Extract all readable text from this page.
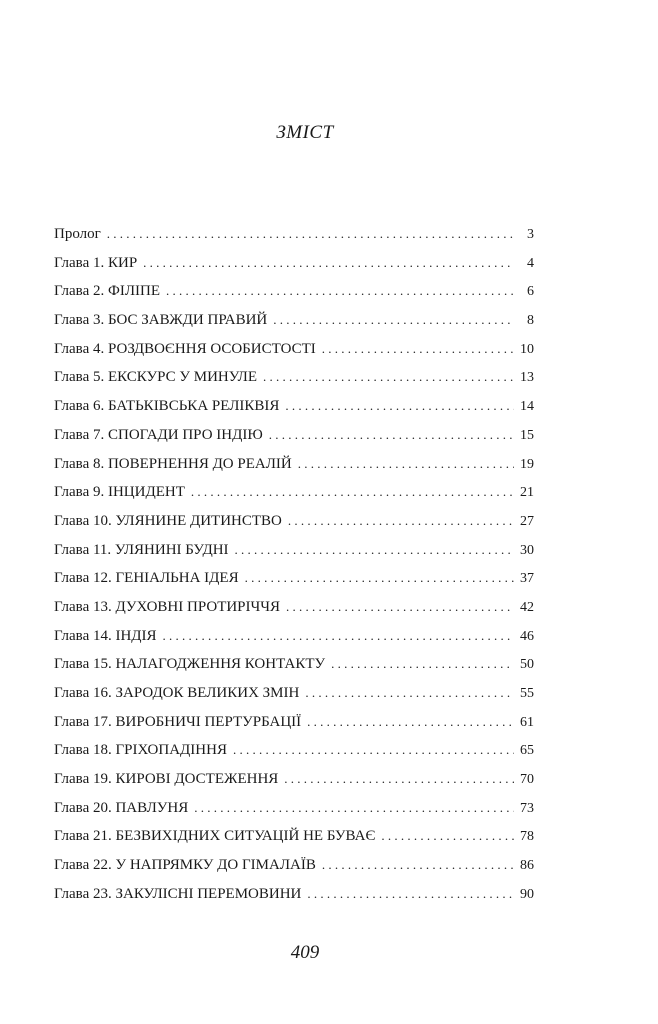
ЗМІСТ
Пролог . . .	3
Глава 1. КИР . . .	4
Глава 2. ФІЛІПЕ . . .	6
Глава 3. БОС ЗАВЖДИ ПРАВИЙ . . .	8
Глава 4. РОЗДВОЄННЯ ОСОБИСТОСТІ . . .	10
Глава 5. ЕКСКУРС У МИНУЛЕ . . .	13
Глава 6. БАТЬКІВСЬКА РЕЛІКВІЯ . . .	14
Глава 7. СПОГАДИ ПРО ІНДІЮ . . .	15
Глава 8. ПОВЕРНЕННЯ ДО РЕАЛІЙ . . .	19
Глава 9. ІНЦИДЕНТ . . .	21
Глава 10. УЛЯНИНЕ ДИТИНСТВО . . .	27
Глава 11. УЛЯНИНІ БУДНІ . . .	30
Глава 12. ГЕНІАЛЬНА ІДЕЯ . . .	37
Глава 13. ДУХОВНІ ПРОТИРІЧЧЯ . . .	42
Глава 14. ІНДІЯ . . .	46
Глава 15. НАЛАГОДЖЕННЯ КОНТАКТУ . . .	50
Глава 16. ЗАРОДОК ВЕЛИКИХ ЗМІН . . .	55
Глава 17. ВИРОБНИЧІ ПЕРТУРБАЦІЇ . . .	61
Глава 18. ГРІХОПАДІННЯ . . .	65
Глава 19. КИРОВІ ДОСТЕЖЕННЯ . . .	70
Глава 20. ПАВЛУНЯ . . .	73
Глава 21. БЕЗВИХІДНИХ СИТУАЦІЙ НЕ БУВАЄ . . .	78
Глава 22. У НАПРЯМКУ ДО ГІМАЛАЇВ . . .	86
Глава 23. ЗАКУЛІСНІ ПЕРЕМОВИНИ . . .	90
409
